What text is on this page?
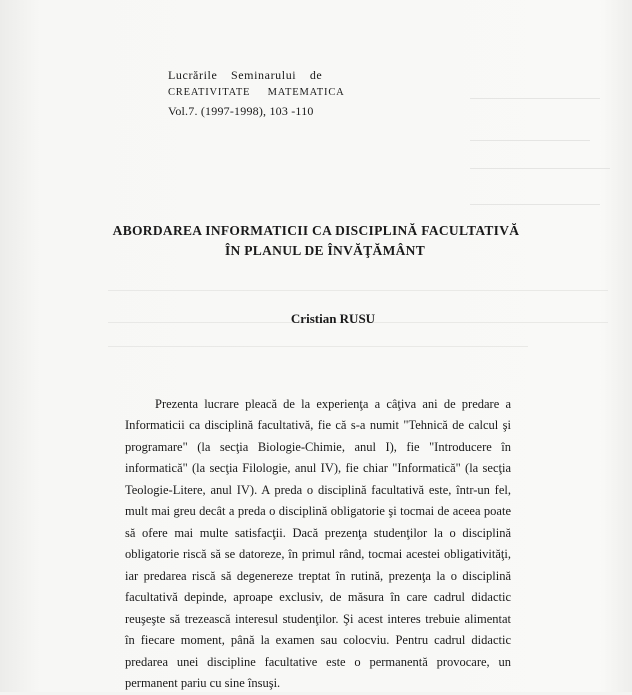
Lucrările Seminarului de
CREATIVITATE MATEMATICA
Vol.7. (1997-1998), 103 -110
ABORDAREA INFORMATICII CA DISCIPLINĂ FACULTATIVĂ
ÎN PLANUL DE ÎNVĂŢĂMÂNT
Cristian RUSU

Prezenta lucrare pleacă de la experienţa a câţiva ani de predare a Informaticii ca disciplină facultativă, fie că s-a numit "Tehnică de calcul şi programare" (la secţia Biologie-Chimie, anul I), fie "Introducere în informatică" (la secţia Filologie, anul IV), fie chiar "Informatică" (la secţia Teologie-Litere, anul IV). A preda o disciplină facultativă este, într-un fel, mult mai greu decât a preda o disciplină obligatorie şi tocmai de aceea poate să ofere mai multe satisfacţii. Dacă prezenţa studenţilor la o disciplină obligatorie riscă să se datoreze, în primul rând, tocmai acestei obligativităţi, iar predarea riscă să degenereze treptat în rutină, prezenţa la o disciplină facultativă depinde, aproape exclusiv, de măsura în care cadrul didactic reuşeşte să trezească interesul studenţilor. Şi acest interes trebuie alimentat în fiecare moment, până la examen sau colocviu. Pentru cadrul didactic predarea unei discipline facultative este o permanentă provocare, un permanent pariu cu sine însuşi.
